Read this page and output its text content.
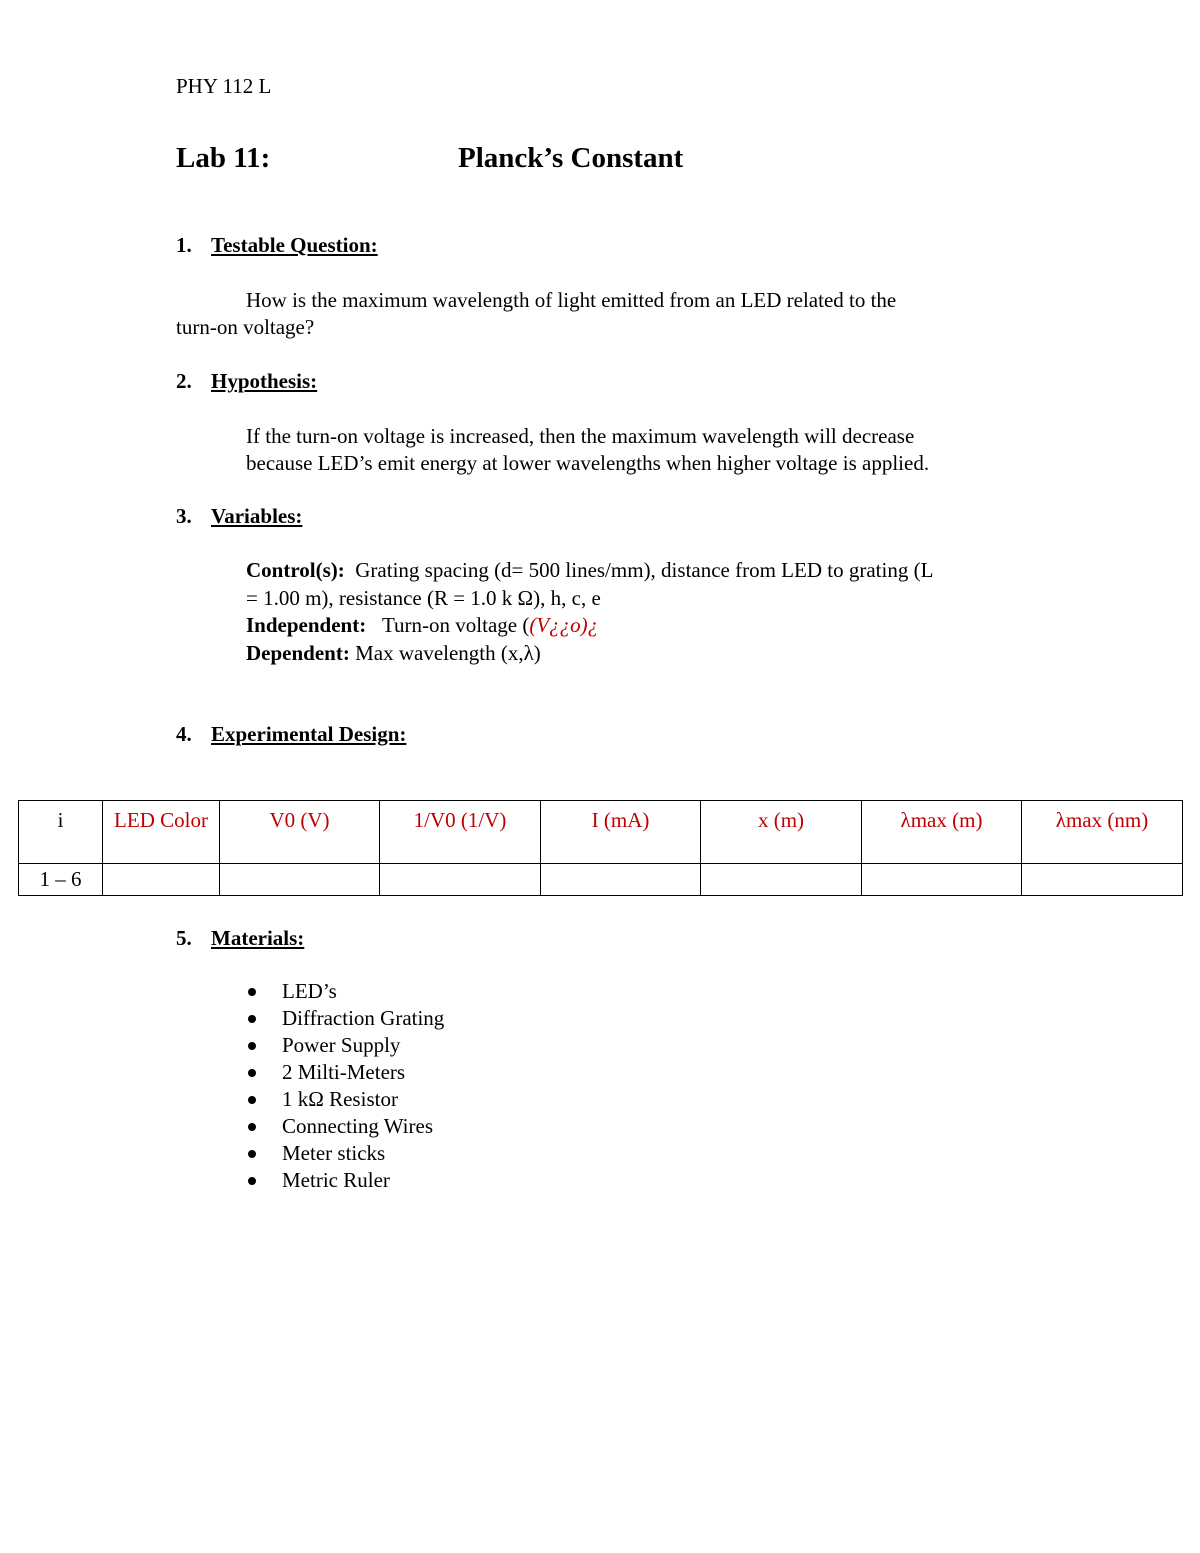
PHY 112 L
Lab 11:	Planck’s Constant
1. Testable Question:
How is the maximum wavelength of light emitted from an LED related to the
turn-on voltage?
2. Hypothesis:
If the turn-on voltage is increased, then the maximum wavelength will decrease
because LED’s emit energy at lower wavelengths when higher voltage is applied.
3. Variables:
Control(s): Grating spacing (d= 500 lines/mm), distance from LED to grating (L
= 1.00 m), resistance (R = 1.0 k Ω), h, c, e
Independent: Turn-on voltage ((V¿¿o)¿
Dependent: Max wavelength (x,λ)
4. Experimental Design:
i	LED Color	V0 (V)	1/V0 (1/V)	I (mA)	x (m)	λmax (m)	λmax (nm)
1 – 6							
5. Materials:
LED’s
Diffraction Grating
Power Supply
2 Milti-Meters
1 kΩ Resistor
Connecting Wires
Meter sticks
Metric Ruler
